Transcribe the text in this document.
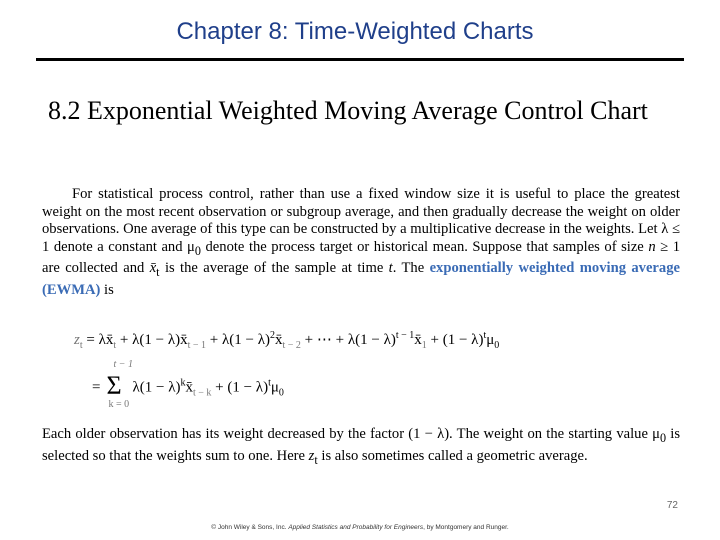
Chapter 8: Time-Weighted Charts
8.2 Exponential Weighted Moving Average Control Chart
For statistical process control, rather than use a fixed window size it is useful to place the greatest weight on the most recent observation or subgroup average, and then gradually decrease the weight on older observations. One average of this type can be constructed by a multiplicative decrease in the weights. Let λ ≤ 1 denote a constant and $\mu_0$ denote the process target or historical mean. Suppose that samples of size n ≥ 1 are collected and $x̄_t$ is the average of the sample at time t. The exponentially weighted moving average (EWMA) is
$z_t$ = $\lambda x̄_t + \lambda(1$ − $\lambda)x̄_{t - 1} + \lambda(1$ − $\lambda)^2x̄_{t - 2}$ + ⋯ + $\lambda(1 - \lambda)^{t - 1}x̄_1 + (1 - \lambda)^t\mu_0$
=
t − 1
Σ
k = 0
$\lambda(1 - \lambda)^kx̄_{t - k} + (1 - \lambda)^t\mu_0$
Each older observation has its weight decreased by the factor (1 − λ). The weight on the starting value $\mu_0$ is selected so that the weights sum to one. Here $z_t$ is also sometimes called a geometric average.
72
© John Wiley & Sons, Inc. Applied Statistics and Probability for Engineers, by Montgomery and Runger.
